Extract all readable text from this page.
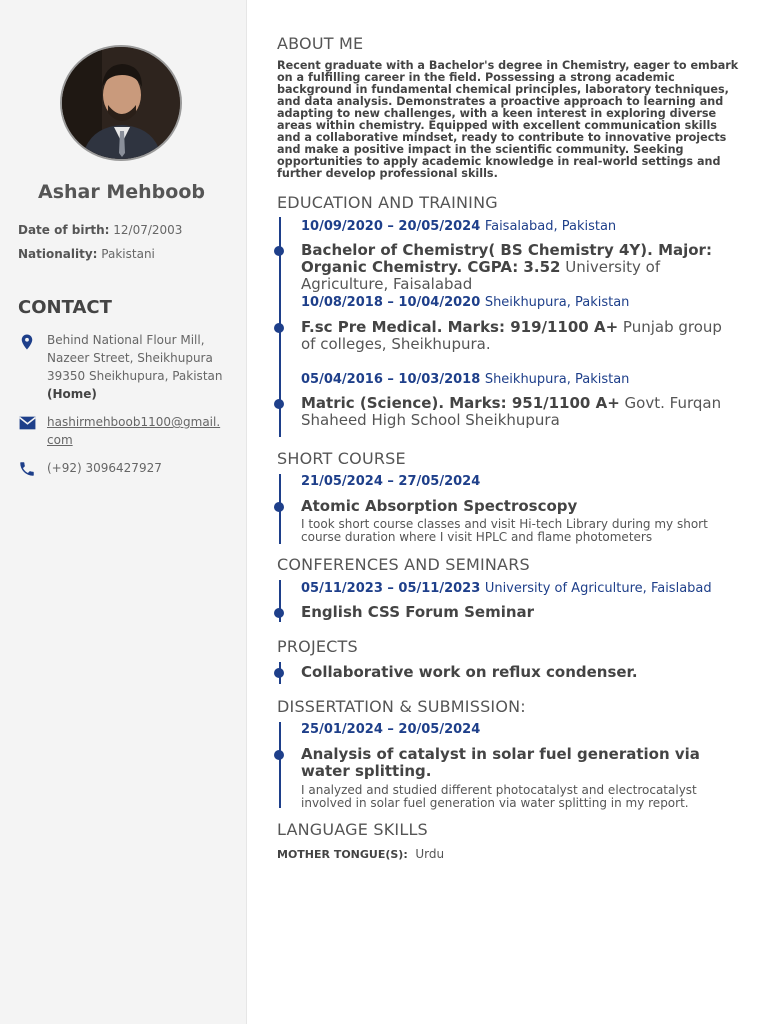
Ashar Mehboob
Date of birth: 12/07/2003
Nationality: Pakistani
CONTACT
Behind National Flour Mill,
Nazeer Street, Sheikhupura
39350 Sheikhupura, Pakistan
(Home)
hashirmehboob1100@gmail.
com
(+92) 3096427927
ABOUT ME
Recent graduate with a Bachelor's degree in Chemistry, eager to embark on a fulfilling career in the field. Possessing a strong academic background in fundamental chemical principles, laboratory techniques, and data analysis. Demonstrates a proactive approach to learning and adapting to new challenges, with a keen interest in exploring diverse areas within chemistry. Equipped with excellent communication skills and a collaborative mindset, ready to contribute to innovative projects and make a positive impact in the scientific community. Seeking opportunities to apply academic knowledge in real-world settings and further develop professional skills.
EDUCATION AND TRAINING
10/09/2020 – 20/05/2024 Faisalabad, Pakistan
Bachelor of Chemistry( BS Chemistry 4Y). Major: Organic Chemistry. CGPA: 3.52 University of Agriculture, Faisalabad
10/08/2018 – 10/04/2020 Sheikhupura, Pakistan
F.sc Pre Medical. Marks: 919/1100 A+ Punjab group of colleges, Sheikhupura.
05/04/2016 – 10/03/2018 Sheikhupura, Pakistan
Matric (Science). Marks: 951/1100 A+ Govt. Furqan Shaheed High School Sheikhupura
SHORT COURSE
21/05/2024 – 27/05/2024
Atomic Absorption Spectroscopy
I took short course classes and visit Hi-tech Library during my short course duration where I visit HPLC and flame photometers
CONFERENCES AND SEMINARS
05/11/2023 – 05/11/2023 University of Agriculture, Faislabad
English CSS Forum Seminar
PROJECTS
Collaborative work on reflux condenser.
DISSERTATION & SUBMISSION:
25/01/2024 – 20/05/2024
Analysis of catalyst in solar fuel generation via water splitting.
I analyzed and studied different photocatalyst and electrocatalyst involved in solar fuel generation via water splitting in my report.
LANGUAGE SKILLS
MOTHER TONGUE(S): Urdu
